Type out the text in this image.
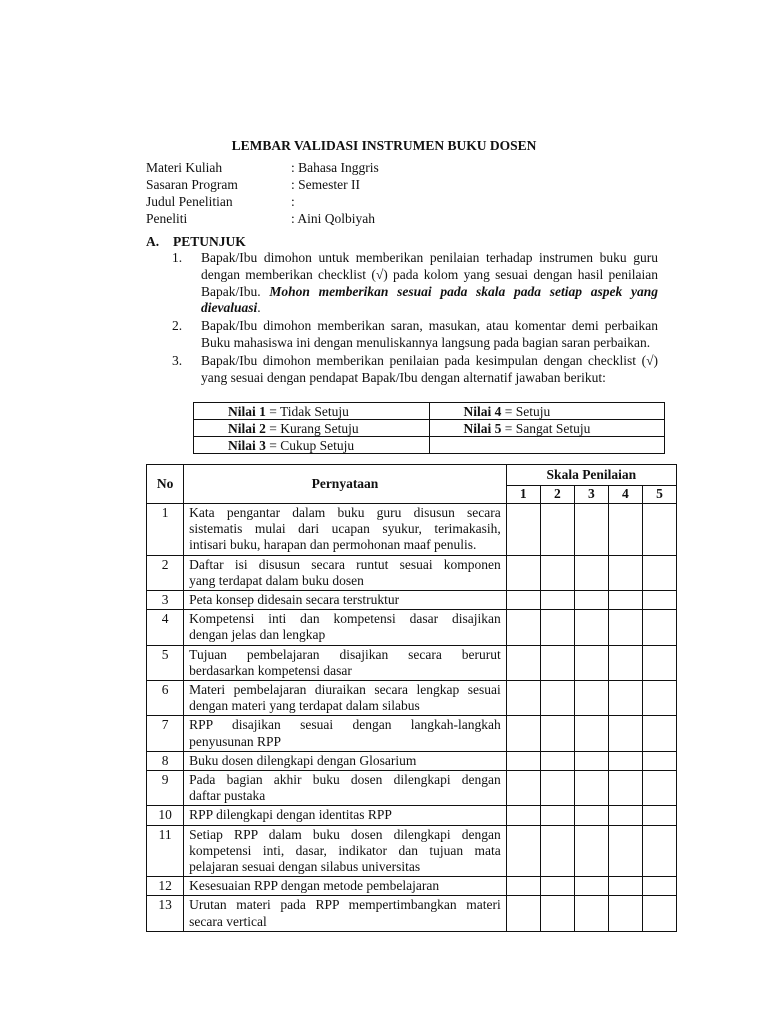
LEMBAR VALIDASI INSTRUMEN BUKU DOSEN
Materi Kuliah	: Bahasa Inggris
Sasaran Program	: Semester II
Judul Penelitian	:
Peneliti	: Aini Qolbiyah
A. PETUNJUK
1.	Bapak/Ibu dimohon untuk memberikan penilaian terhadap instrumen buku guru dengan memberikan checklist (√) pada kolom yang sesuai dengan hasil penilaian Bapak/Ibu. Mohon memberikan sesuai pada skala pada setiap aspek yang dievaluasi.
2.	Bapak/Ibu dimohon memberikan saran, masukan, atau komentar demi perbaikan Buku mahasiswa ini dengan menuliskannya langsung pada bagian saran perbaikan.
3.	Bapak/Ibu dimohon memberikan penilaian pada kesimpulan dengan checklist (√) yang sesuai dengan pendapat Bapak/Ibu dengan alternatif jawaban berikut:
Nilai 1 = Tidak Setuju	Nilai 4 = Setuju
Nilai 2 = Kurang Setuju	Nilai 5 = Sangat Setuju
Nilai 3 = Cukup Setuju	
No	Pernyataan	Skala Penilaian				
		1	2	3	4	5
1	Kata pengantar dalam buku guru disusun secara
sistematis mulai dari ucapan syukur, terimakasih,
intisari buku, harapan dan permohonan maaf penulis.					

2	Daftar isi disusun secara runtut sesuai komponen
yang terdapat dalam buku dosen					

3	Peta konsep didesain secara terstruktur					

4	Kompetensi inti dan kompetensi dasar disajikan
dengan jelas dan lengkap					

5	Tujuan pembelajaran disajikan secara berurut
berdasarkan kompetensi dasar					

6	Materi pembelajaran diuraikan secara lengkap sesuai
dengan materi yang terdapat dalam silabus					

7	RPP disajikan sesuai dengan langkah-langkah
penyusunan RPP					

8	Buku dosen dilengkapi dengan Glosarium					

9	Pada bagian akhir buku dosen dilengkapi dengan
daftar pustaka					

10	RPP dilengkapi dengan identitas RPP					

11	Setiap RPP dalam buku dosen dilengkapi dengan
kompetensi inti, dasar, indikator dan tujuan mata
pelajaran sesuai dengan silabus universitas					

12	Kesesuaian RPP dengan metode pembelajaran					

13	Urutan materi pada RPP mempertimbangkan materi
secara vertical					
